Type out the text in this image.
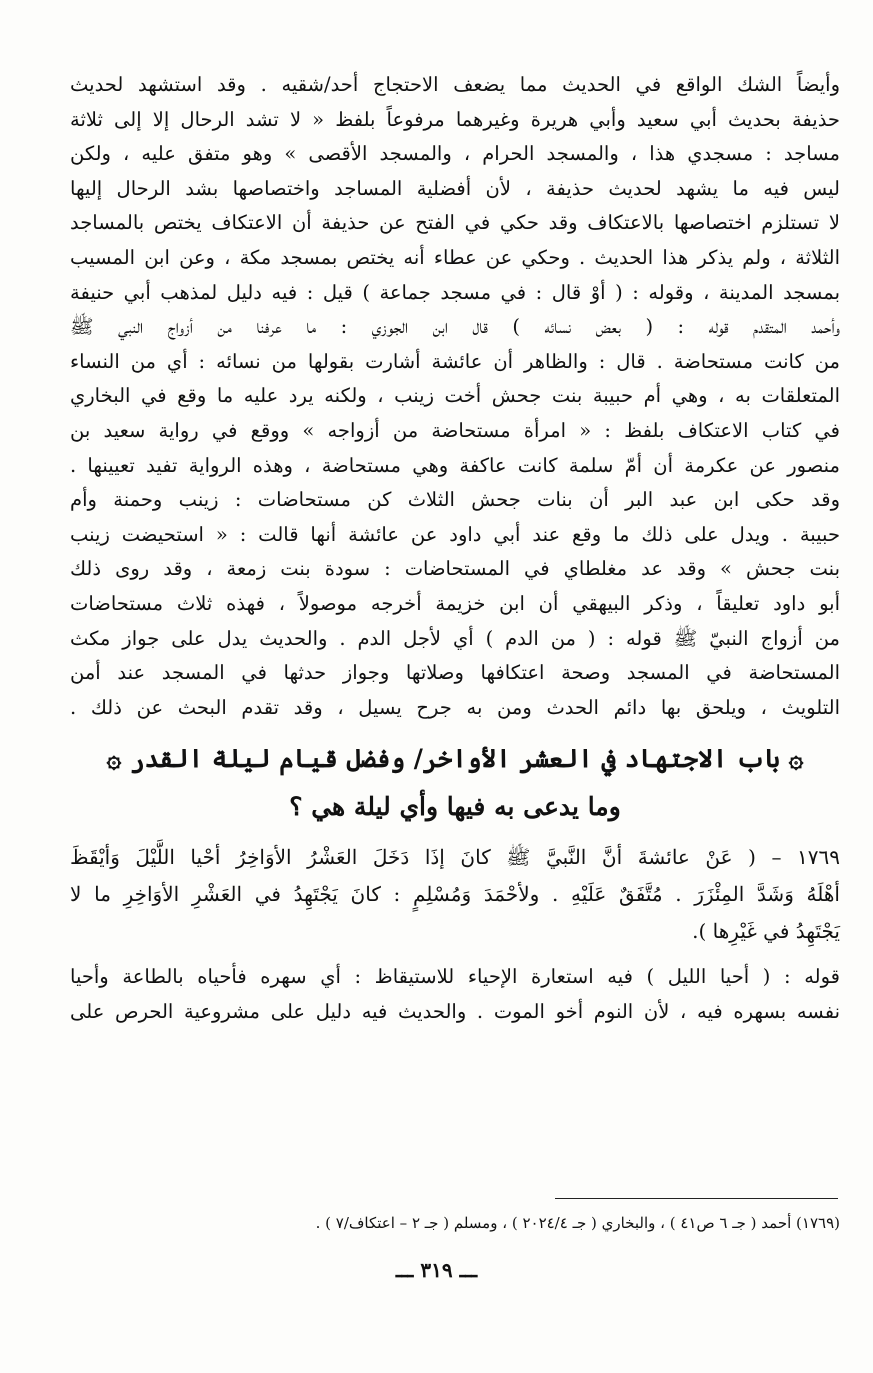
وأيضاً الشك الواقع في الحديث مما يضعف الاحتجاج أحد/شقيه . وقد استشهد لحديث
حذيفة بحديث أبي سعيد وأبي هريرة وغيرهما مرفوعاً بلفظ « لا تشد الرحال إلا إلى ثلاثة
مساجد : مسجدي هذا ، والمسجد الحرام ، والمسجد الأقصى » وهو متفق عليه ، ولكن
ليس فيه ما يشهد لحديث حذيفة ، لأن أفضلية المساجد واختصاصها بشد الرحال إليها
لا تستلزم اختصاصها بالاعتكاف وقد حكي في الفتح عن حذيفة أن الاعتكاف يختص بالمساجد
الثلاثة ، ولم يذكر هذا الحديث . وحكي عن عطاء أنه يختص بمسجد مكة ، وعن ابن المسيب
بمسجد المدينة ، وقوله : ( أوْ قال : في مسجد جماعة ) قيل : فيه دليل لمذهب أبي حنيفة
وأحمد المتقدم قوله : ( بعض نسائه ) قال ابن الجوزي : ما عرفنا من أزواج النبي ﷺ
من كانت مستحاضة . قال : والظاهر أن عائشة أشارت بقولها من نسائه : أي من النساء
المتعلقات به ، وهي أم حبيبة بنت جحش أخت زينب ، ولكنه يرد عليه ما وقع في البخاري
في كتاب الاعتكاف بلفظ : « امرأة مستحاضة من أزواجه » ووقع في رواية سعيد بن
منصور عن عكرمة أن أمّ سلمة كانت عاكفة وهي مستحاضة ، وهذه الرواية تفيد تعيينها .
وقد حكى ابن عبد البر أن بنات جحش الثلاث كن مستحاضات : زينب وحمنة وأم
حبيبة . ويدل على ذلك ما وقع عند أبي داود عن عائشة أنها قالت : « استحيضت زينب
بنت جحش » وقد عد مغلطاي في المستحاضات : سودة بنت زمعة ، وقد روى ذلك
أبو داود تعليقاً ، وذكر البيهقي أن ابن خزيمة أخرجه موصولاً ، فهذه ثلاث مستحاضات
من أزواج النبيّ ﷺ قوله : ( من الدم ) أي لأجل الدم . والحديث يدل على جواز مكث
المستحاضة في المسجد وصحة اعتكافها وصلاتها وجواز حدثها في المسجد عند أمن
التلويث ، ويلحق بها دائم الحدث ومن به جرح يسيل ، وقد تقدم البحث عن ذلك .
۞ باب الاجتهاد في العشر الأواخر/ وفضل قيام ليلة القدر ۞
وما يدعى به فيها وأي ليلة هي ؟
١٧٦٩ – ( عَنْ عائشةَ أنَّ النَّبيَّ ﷺ كانَ إذَا دَخَلَ العَشْرُ الأوَاخِرُ أحْيا اللَّيْلَ وَأيْقَظَ
أهْلَهُ وَشَدَّ المِئْزَرَ . مُتَّفَقٌ عَلَيْهِ . ولأحْمَدَ وَمُسْلِمٍ : كانَ يَجْتَهِدُ في العَشْرِ الأوَاخِرِ ما لا
يَجْتَهِدُ في غَيْرِها ).
قوله : ( أحيا الليل ) فيه استعارة الإحياء للاستيقاظ : أي سهره فأحياه بالطاعة وأحيا
نفسه بسهره فيه ، لأن النوم أخو الموت . والحديث فيه دليل على مشروعية الحرص على
(١٧٦٩) أحمد ( جـ ٦ ص٤١ ) ، والبخاري ( جـ ٢٠٢٤/٤ ) ، ومسلم ( جـ ٢ – اعتكاف/٧ ) .
ـــ ٣١٩ ـــ
